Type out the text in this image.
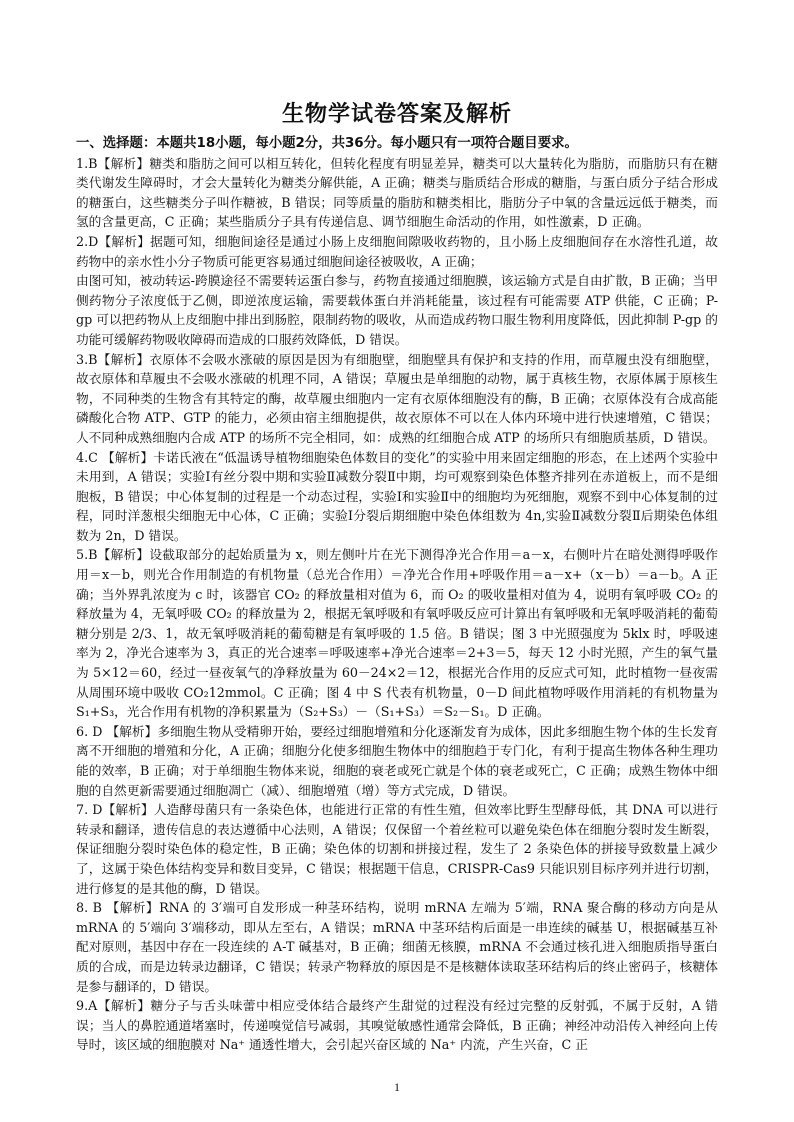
生物学试卷答案及解析
一、选择题：本题共18小题，每小题2分，共36分。每小题只有一项符合题目要求。

1.B【解析】糖类和脂肪之间可以相互转化，但转化程度有明显差异，糖类可以大量转化为脂肪，而脂肪只有在糖类代谢发生障碍时，才会大量转化为糖类分解供能，A 正确；糖类与脂质结合形成的糖脂，与蛋白质分子结合形成的糖蛋白，这些糖类分子叫作糖被，B 错误；同等质量的脂肪和糖类相比，脂肪分子中氧的含量远远低于糖类，而氢的含量更高，C 正确；某些脂质分子具有传递信息、调节细胞生命活动的作用，如性激素，D 正确。

2.D【解析】据题可知，细胞间途径是通过小肠上皮细胞间隙吸收药物的，且小肠上皮细胞间存在水溶性孔道，故药物中的亲水性小分子物质可能更容易通过细胞间途径被吸收，A 正确；

由图可知，被动转运-跨膜途径不需要转运蛋白参与，药物直接通过细胞膜，该运输方式是自由扩散，B 正确；当甲侧药物分子浓度低于乙侧，即逆浓度运输，需要载体蛋白并消耗能量，该过程有可能需要 ATP 供能，C 正确；P-gp 可以把药物从上皮细胞中排出到肠腔，限制药物的吸收，从而造成药物口服生物利用度降低，因此抑制 P-gp 的功能可缓解药物吸收障碍而造成的口服药效降低，D 错误。

3.B【解析】衣原体不会吸水涨破的原因是因为有细胞壁，细胞壁具有保护和支持的作用，而草履虫没有细胞壁，故衣原体和草履虫不会吸水涨破的机理不同，A 错误；草履虫是单细胞的动物，属于真核生物，衣原体属于原核生物，不同种类的生物含有其特定的酶，故草履虫细胞内一定有衣原体细胞没有的酶，B 正确；衣原体没有合成高能磷酸化合物 ATP、GTP 的能力，必须由宿主细胞提供，故衣原体不可以在人体内环境中进行快速增殖，C 错误；人不同种成熟细胞内合成 ATP 的场所不完全相同，如：成熟的红细胞合成 ATP 的场所只有细胞质基质，D 错误。

4.C 【解析】卡诺氏液在“低温诱导植物细胞染色体数目的变化”的实验中用来固定细胞的形态，在上述两个实验中未用到，A 错误；实验Ⅰ有丝分裂中期和实验Ⅱ减数分裂Ⅱ中期，均可观察到染色体整齐排列在赤道板上，而不是细胞板，B 错误；中心体复制的过程是一个动态过程，实验Ⅰ和实验Ⅱ中的细胞均为死细胞，观察不到中心体复制的过程，同时洋葱根尖细胞无中心体，C 正确；实验Ⅰ分裂后期细胞中染色体组数为 4n,实验Ⅱ减数分裂Ⅱ后期染色体组数为 2n，D 错误。

5.B【解析】设截取部分的起始质量为 x，则左侧叶片在光下测得净光合作用＝a－x，右侧叶片在暗处测得呼吸作用＝x－b，则光合作用制造的有机物量（总光合作用）＝净光合作用+呼吸作用＝a－x+（x－b）＝a－b。A 正确；当外界乳浓度为 c 时，该器官 CO₂ 的释放量相对值为 6，而 O₂ 的吸收量相对值为 4，说明有氧呼吸 CO₂ 的释放量为 4，无氧呼吸 CO₂ 的释放量为 2，根据无氧呼吸和有氧呼吸反应可计算出有氧呼吸和无氧呼吸消耗的葡萄糖分别是 2/3、1，故无氧呼吸消耗的葡萄糖是有氧呼吸的 1.5 倍。B 错误；图 3 中光照强度为 5klx 时，呼吸速率为 2，净光合速率为 3，真正的光合速率＝呼吸速率+净光合速率＝2+3＝5，每天 12 小时光照，产生的氧气量为 5×12＝60，经过一昼夜氧气的净释放量为 60－24×2＝12，根据光合作用的反应式可知，此时植物一昼夜需从周围环境中吸收 CO₂12mmol。C 正确；图 4 中 S 代表有机物量，0－D 间此植物呼吸作用消耗的有机物量为 S₁+S₃，光合作用有机物的净积累量为（S₂+S₃）－（S₁+S₃）＝S₂－S₁。D 正确。

6. D 【解析】多细胞生物从受精卵开始，要经过细胞增殖和分化逐渐发育为成体，因此多细胞生物个体的生长发育离不开细胞的增殖和分化，A 正确；细胞分化使多细胞生物体中的细胞趋于专门化，有利于提高生物体各种生理功能的效率，B 正确；对于单细胞生物体来说，细胞的衰老或死亡就是个体的衰老或死亡，C 正确；成熟生物体中细胞的自然更新需要通过细胞凋亡（减）、细胞增殖（增）等方式完成，D 错误。

7. D【解析】人造酵母菌只有一条染色体，也能进行正常的有性生殖，但效率比野生型酵母低，其 DNA 可以进行转录和翻译，遗传信息的表达遵循中心法则，A 错误；仅保留一个着丝粒可以避免染色体在细胞分裂时发生断裂，保证细胞分裂时染色体的稳定性，B 正确；染色体的切割和拼接过程，发生了 2 条染色体的拼接导致数量上减少了，这属于染色体结构变异和数目变异，C 错误；根据题干信息，CRISPR-Cas9 只能识别目标序列并进行切割，进行修复的是其他的酶，D 错误。

8. B 【解析】RNA 的 3′端可自发形成一种茎环结构，说明 mRNA 左端为 5′端，RNA 聚合酶的移动方向是从 mRNA 的 5′端向 3′端移动，即从左至右，A 错误；mRNA 中茎环结构后面是一串连续的碱基 U，根据碱基互补配对原则，基因中存在一段连续的 A-T 碱基对，B 正确；细菌无核膜，mRNA 不会通过核孔进入细胞质指导蛋白质的合成，而是边转录边翻译，C 错误；转录产物释放的原因是不是核糖体读取茎环结构后的终止密码子，核糖体是参与翻译的，D 错误。

9.A【解析】糖分子与舌头味蕾中相应受体结合最终产生甜觉的过程没有经过完整的反射弧，不属于反射，A 错误；当人的鼻腔通道堵塞时，传递嗅觉信号减弱，其嗅觉敏感性通常会降低，B 正确；神经冲动沿传入神经向上传导时，该区域的细胞膜对 Na⁺ 通透性增大，会引起兴奋区域的 Na⁺ 内流，产生兴奋，C 正

1
